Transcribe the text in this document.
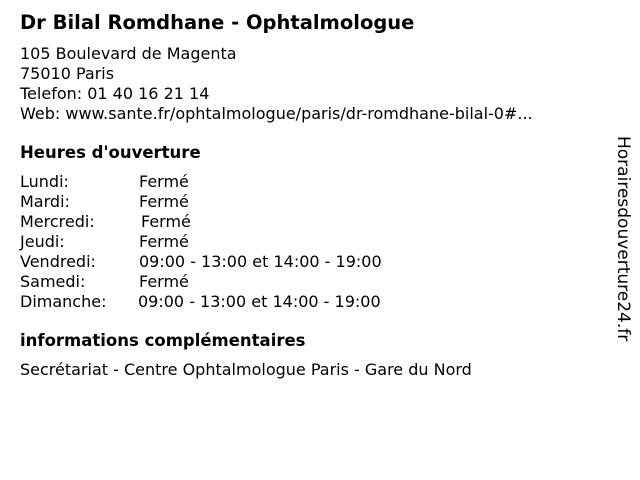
Dr Bilal Romdhane - Ophtalmologue
105 Boulevard de Magenta
75010 Paris
Telefon: 01 40 16 21 14
Web: www.sante.fr/ophtalmologue/paris/dr-romdhane-bilal-0#...
Heures d'ouverture
Lundi:	Fermé
Mardi:	Fermé
Mercredi:	Fermé
Jeudi:	Fermé
Vendredi:	09:00 - 13:00 et 14:00 - 19:00
Samedi:	Fermé
Dimanche: 09:00 - 13:00 et 14:00 - 19:00
informations complémentaires
Secrétariat - Centre Ophtalmologue Paris - Gare du Nord
Horairesdouverture24.fr
